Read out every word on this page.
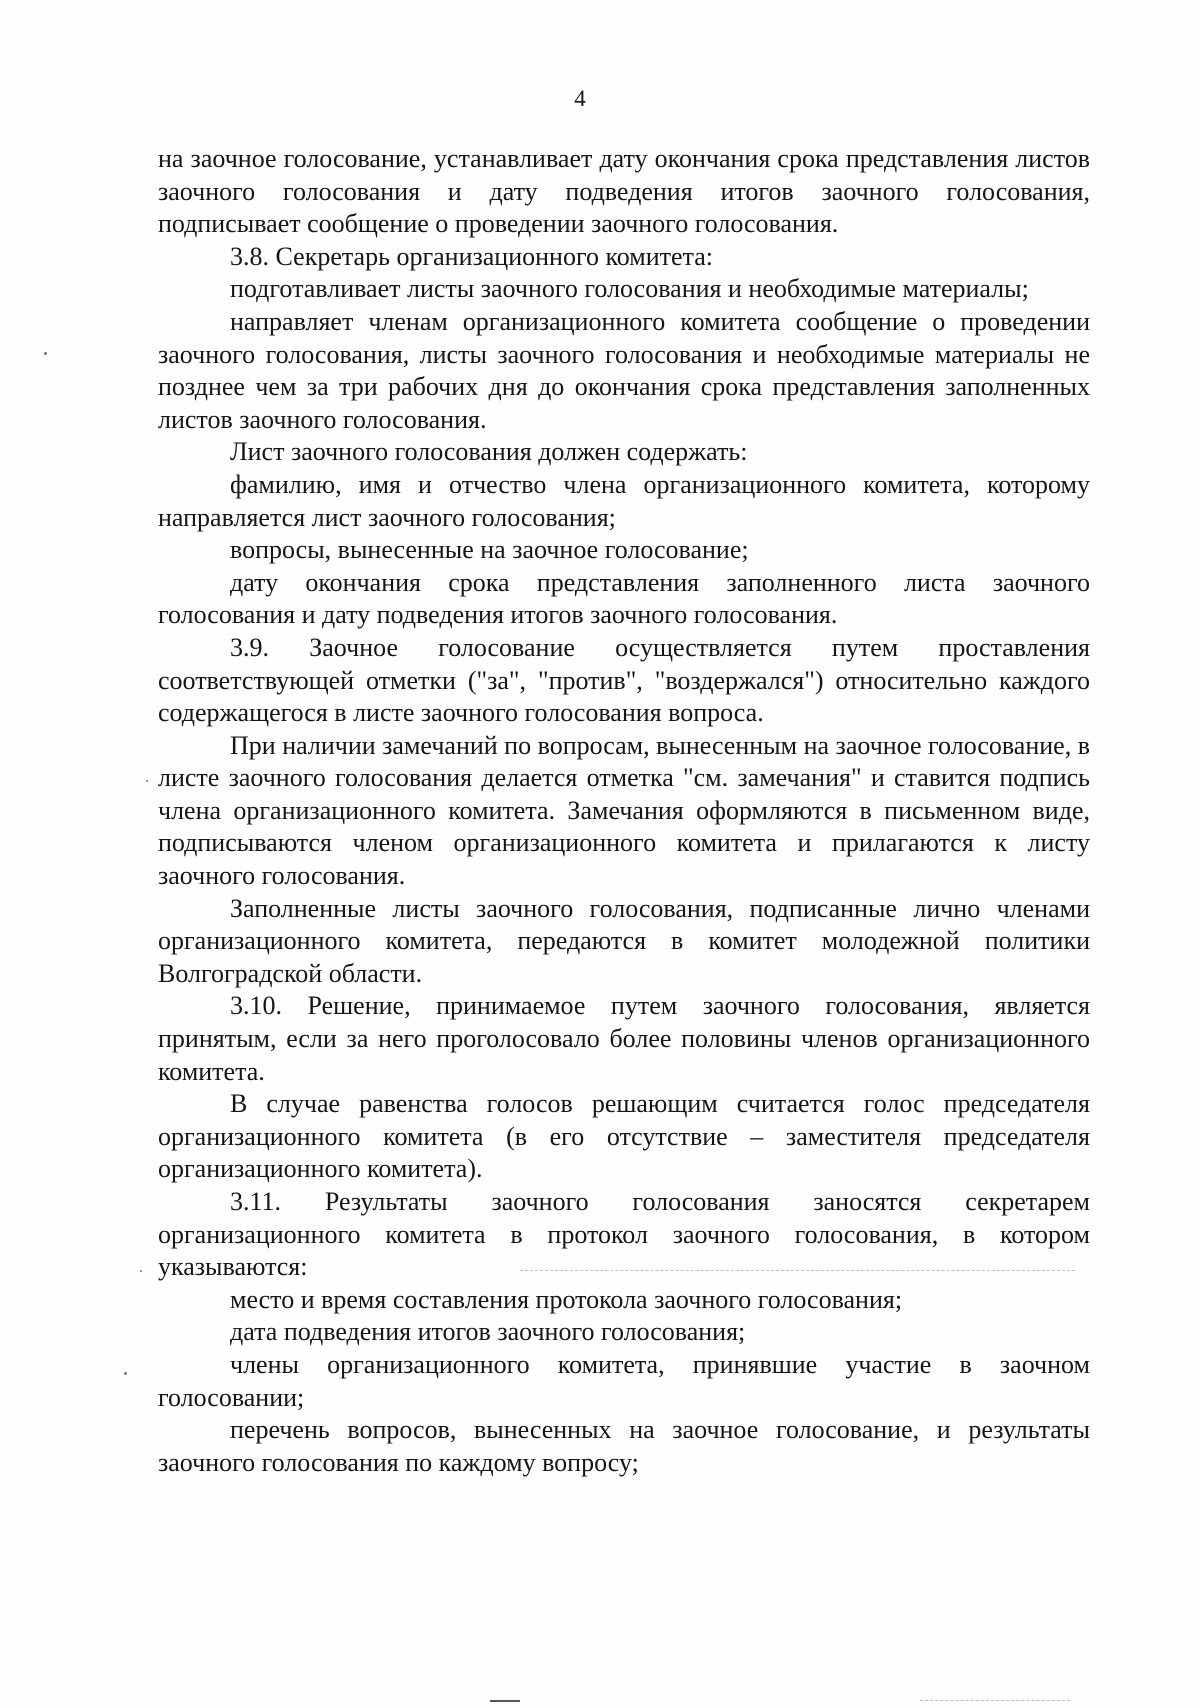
4

на заочное голосование, устанавливает дату окончания срока представления листов заочного голосования и дату подведения итогов заочного голосования, подписывает сообщение о проведении заочного голосования.

3.8. Секретарь организационного комитета:

подготавливает листы заочного голосования и необходимые материалы;

направляет членам организационного комитета сообщение о проведении заочного голосования, листы заочного голосования и необходимые материалы не позднее чем за три рабочих дня до окончания срока представления заполненных листов заочного голосования.

Лист заочного голосования должен содержать:

фамилию, имя и отчество члена организационного комитета, которому направляется лист заочного голосования;

вопросы, вынесенные на заочное голосование;

дату окончания срока представления заполненного листа заочного голосования и дату подведения итогов заочного голосования.

3.9. Заочное голосование осуществляется путем проставления соответствующей отметки ("за", "против", "воздержался") относительно каждого содержащегося в листе заочного голосования вопроса.

При наличии замечаний по вопросам, вынесенным на заочное голосование, в листе заочного голосования делается отметка "см. замечания" и ставится подпись члена организационного комитета. Замечания оформляются в письменном виде, подписываются членом организационного комитета и прилагаются к листу заочного голосования.

Заполненные листы заочного голосования, подписанные лично членами организационного комитета, передаются в комитет молодежной политики Волгоградской области.

3.10. Решение, принимаемое путем заочного голосования, является принятым, если за него проголосовало более половины членов организационного комитета.

В случае равенства голосов решающим считается голос председателя организационного комитета (в его отсутствие – заместителя председателя организационного комитета).

3.11. Результаты заочного голосования заносятся секретарем организационного комитета в протокол заочного голосования, в котором указываются:

место и время составления протокола заочного голосования;

дата подведения итогов заочного голосования;

члены организационного комитета, принявшие участие в заочном голосовании;

перечень вопросов, вынесенных на заочное голосование, и результаты заочного голосования по каждому вопросу;
